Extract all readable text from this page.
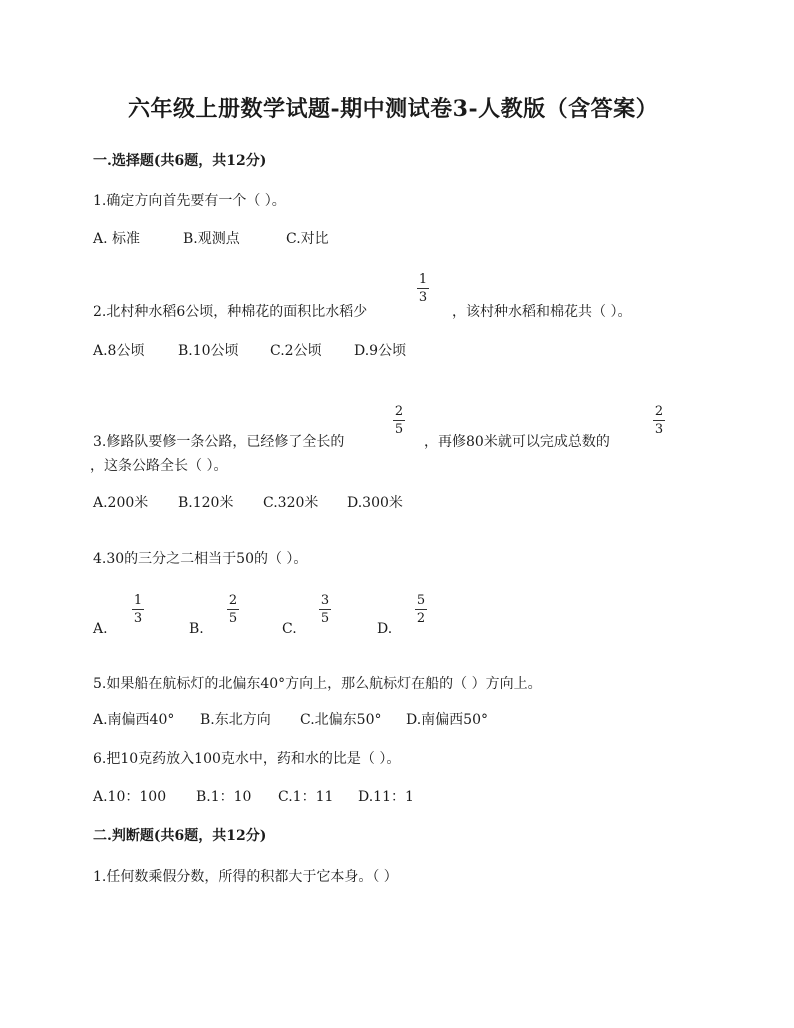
六年级上册数学试题-期中测试卷3-人教版（含答案）
一.选择题(共6题，共12分)
1.确定方向首先要有一个（ ）。
A. 标准	B.观测点	C.对比
2.北村种水稻6公顷，种棉花的面积比水稻少
1
3
，该村种水稻和棉花共（ ）。
A.8公顷 B.10公顷 C.2公顷 D.9公顷
3.修路队要修一条公路，已经修了全长的
2
5
，再修80米就可以完成总数的
2
3
，这条公路全长（ ）。
A.200米 B.120米 C.320米 D.300米
4.30的三分之二相当于50的（ ）。
A.
1
3
B.
2
5
C.
3
5
D.
5
2
5.如果船在航标灯的北偏东40°方向上，那么航标灯在船的（ ）方向上。
A.南偏西40° B.东北方向 C.北偏东50° D.南偏西50°
6.把10克药放入100克水中，药和水的比是（ ）。
A.10：100 B.1：10 C.1：11 D.11：1
二.判断题(共6题，共12分)
1.任何数乘假分数，所得的积都大于它本身。（ ）
